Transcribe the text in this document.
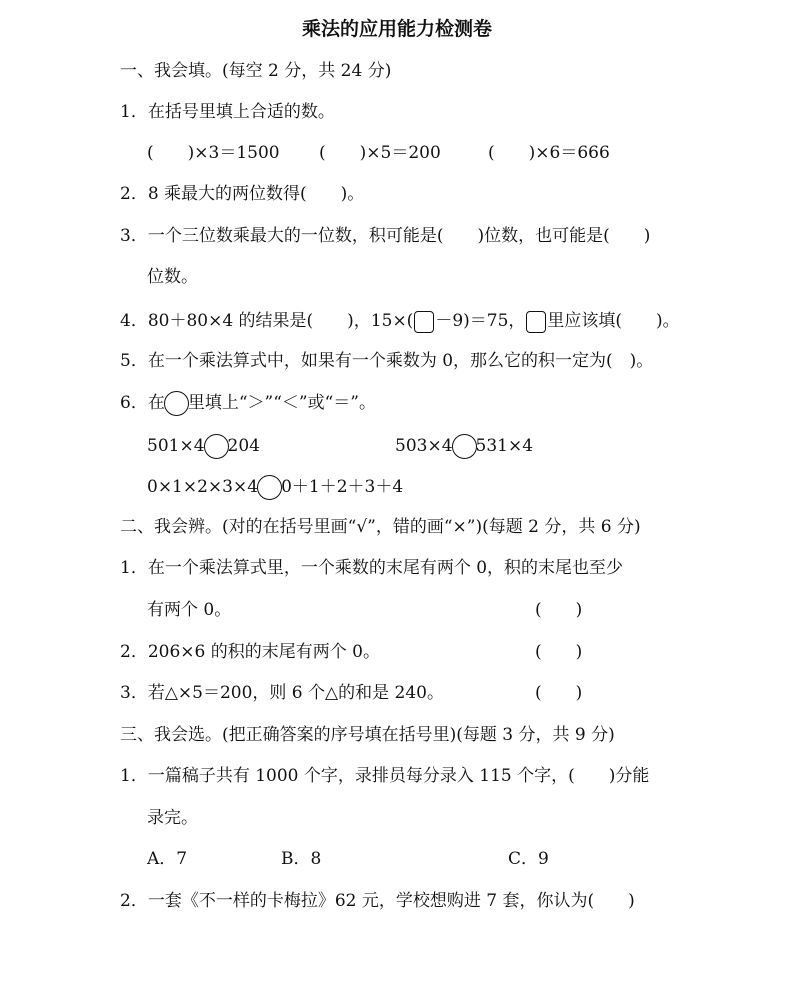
乘法的应用能力检测卷
一、我会填。(每空 2 分，共 24 分)
1．在括号里填上合适的数。
(　　)×3＝1500 (　　)×5＝200	(　　)×6＝666
2．8 乘最大的两位数得(　　)。
3．一个三位数乘最大的一位数，积可能是(　　)位数，也可能是(　　)
位数。
4．80＋80×4 的结果是(　　)，15×( －9)＝75， 里应该填(　　)。
5．在一个乘法算式中，如果有一个乘数为 0，那么它的积一定为(　)。
6．在 里填上“＞”“＜”或“＝”。
501×4 204	503×4 531×4
0×1×2×3×4 0＋1＋2＋3＋4
二、我会辨。(对的在括号里画“√”，错的画“×”)(每题 2 分，共 6 分)
1．在一个乘法算式里，一个乘数的末尾有两个 0，积的末尾也至少
有两个 0。	(　　)
2．206×6 的积的末尾有两个 0。	(　　)
3．若△×5＝200，则 6 个△的和是 240。	(　　)
三、我会选。(把正确答案的序号填在括号里)(每题 3 分，共 9 分)
1．一篇稿子共有 1000 个字，录排员每分录入 115 个字，(　　)分能
录完。
A．7	B．8	C．9
2．一套《不一样的卡梅拉》62 元，学校想购进 7 套，你认为(　　)
